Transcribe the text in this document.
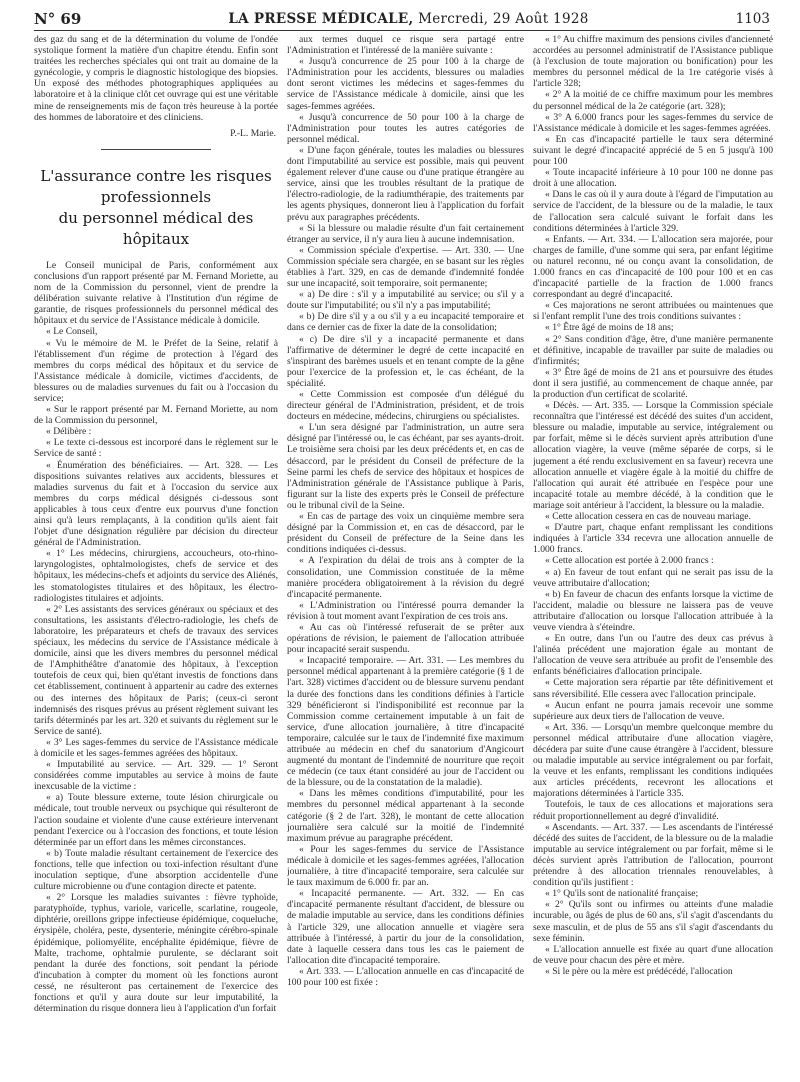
N° 69	LA PRESSE MÉDICALE, Mercredi, 29 Août 1928	1103

des gaz du sang et de la détermination du volume de l'ondée systolique forment la matière d'un chapitre étendu. Enfin sont traitées les recherches spéciales qui ont trait au domaine de la gynécologie, y compris le diagnostic histologique des biopsies. Un exposé des méthodes photographiques appliquées au laboratoire et à la clinique clôt cet ouvrage qui est une véritable mine de renseignements mis de façon très heureuse à la portée des hommes de laboratoire et des cliniciens.

P.-L. Marie.
L'assurance contre les risques
professionnels
du personnel médical des hôpitaux

Le Conseil municipal de Paris, conformément aux conclusions d'un rapport présenté par M. Fernand Moriette, au nom de la Commission du personnel, vient de prendre la délibération suivante relative à l'Institution d'un régime de garantie, de risques professionnels du personnel médical des hôpitaux et du service de l'Assistance médicale à domicile.

« Le Conseil,

« Vu le mémoire de M. le Préfet de la Seine, relatif à l'établissement d'un régime de protection à l'égard des membres du corps médical des hôpitaux et du service de l'Assistance médicale à domicile, victimes d'accidents, de blessures ou de maladies survenues du fait ou à l'occasion du service;

« Sur le rapport présenté par M. Fernand Moriette, au nom de la Commission du personnel,

« Délibère :

« Le texte ci-dessous est incorporé dans le règlement sur le Service de santé :

« Énumération des bénéficiaires. — Art. 328. — Les dispositions suivantes relatives aux accidents, blessures et maladies survenus du fait et à l'occasion du service aux membres du corps médical désignés ci-dessous sont applicables à tous ceux d'entre eux pourvus d'une fonction ainsi qu'à leurs remplaçants, à la condition qu'ils aient fait l'objet d'une désignation régulière par décision du directeur général de l'Administration.

« 1° Les médecins, chirurgiens, accoucheurs, oto-rhino-laryngologistes, ophtalmologistes, chefs de service et des hôpitaux, les médecins-chefs et adjoints du service des Aliénés, les stomatologistes titulaires et des hôpitaux, les électro-radiologistes titulaires et adjoints.

« 2° Les assistants des services généraux ou spéciaux et des consultations, les assistants d'électro-radiologie, les chefs de laboratoire, les préparateurs et chefs de travaux des services spéciaux, les médecins du service de l'Assistance médicale à domicile, ainsi que les divers membres du personnel médical de l'Amphithéâtre d'anatomie des hôpitaux, à l'exception toutefois de ceux qui, bien qu'étant investis de fonctions dans cet établissement, continuent à appartenir au cadre des externes ou des internes des hôpitaux de Paris; (ceux-ci seront indemnisés des risques prévus au présent règlement suivant les tarifs déterminés par les art. 320 et suivants du règlement sur le Service de santé).

« 3° Les sages-femmes du service de l'Assistance médicale à domicile et les sages-femmes agréées des hôpitaux.

« Imputabilité au service. — Art. 329. — 1° Seront considérées comme imputables au service à moins de faute inexcusable de la victime :

« a) Toute blessure externe, toute lésion chirurgicale ou médicale, tout trouble nerveux ou psychique qui résulteront de l'action soudaine et violente d'une cause extérieure intervenant pendant l'exercice ou à l'occasion des fonctions, et toute lésion déterminée par un effort dans les mêmes circonstances.

« b) Toute maladie résultant certainement de l'exercice des fonctions, telle que infection ou toxi-infection résultant d'une inoculation septique, d'une absorption accidentelle d'une culture microbienne ou d'une contagion directe et patente.

« 2° Lorsque les maladies suivantes : fièvre typhoïde, paratyphoïde, typhus, variole, varicelle, scarlatine, rougeole, diphtérie, oreillons grippe infectieuse épidémique, coqueluche, érysipèle, choléra, peste, dysenterie, méningite cérébro-spinale épidémique, poliomyélite, encéphalite épidémique, fièvre de Malte, trachome, ophtalmie purulente, se déclarant soit pendant la durée des fonctions, soit pendant la période d'incubation à compter du moment où les fonctions auront cessé, ne résulteront pas certainement de l'exercice des fonctions et qu'il y aura doute sur leur imputabilité, la détermination du risque donnera lieu à l'application d'un forfait

aux termes duquel ce risque sera partagé entre l'Administration et l'intéressé de la manière suivante :

« Jusqu'à concurrence de 25 pour 100 à la charge de l'Administration pour les accidents, blessures ou maladies dont seront victimes les médecins et sages-femmes du service de l'Assistance médicale à domicile, ainsi que les sages-femmes agréées.

« Jusqu'à concurrence de 50 pour 100 à la charge de l'Administration pour toutes les autres catégories de personnel médical.

« D'une façon générale, toutes les maladies ou blessures dont l'imputabilité au service est possible, mais qui peuvent également relever d'une cause ou d'une pratique étrangère au service, ainsi que les troubles résultant de la pratique de l'électro-radiologie, de la radiumthérapie, des traitements par les agents physiques, donneront lieu à l'application du forfait prévu aux paragraphes précédents.

« Si la blessure ou maladie résulte d'un fait certainement étranger au service, il n'y aura lieu à aucune indemnisation.

« Commission spéciale d'expertise. — Art. 330. — Une Commission spéciale sera chargée, en se basant sur les règles établies à l'art. 329, en cas de demande d'indemnité fondée sur une incapacité, soit temporaire, soit permanente;

« a) De dire : s'il y a imputabilité au service; ou s'il y a doute sur l'imputabilité; ou s'il n'y a pas imputabilité;

« b) De dire s'il y a ou s'il y a eu incapacité temporaire et dans ce dernier cas de fixer la date de la consolidation;

« c) De dire s'il y a incapacité permanente et dans l'affirmative de déterminer le degré de cette incapacité en s'inspirant des barèmes usuels et en tenant compte de la gêne pour l'exercice de la profession et, le cas échéant, de la spécialité.

« Cette Commission est composée d'un délégué du directeur général de l'Administration, président, et de trois docteurs en médecine, médecins, chirurgiens ou spécialistes.

« L'un sera désigné par l'administration, un autre sera désigné par l'intéressé ou, le cas échéant, par ses ayants-droit. Le troisième sera choisi par les deux précédents et, en cas de désaccord, par le président du Conseil de préfecture de la Seine parmi les chefs de service des hôpitaux et hospices de l'Administration générale de l'Assistance publique à Paris, figurant sur la liste des experts près le Conseil de préfecture ou le tribunal civil de la Seine.

« En cas de partage des voix un cinquième membre sera désigné par la Commission et, en cas de désaccord, par le président du Conseil de préfecture de la Seine dans les conditions indiquées ci-dessus.

« A l'expiration du délai de trois ans à compter de la consolidation, une Commission constituée de la même manière procédera obligatoirement à la révision du degré d'incapacité permanente.

« L'Administration ou l'intéressé pourra demander la révision à tout moment avant l'expiration de ces trois ans.

« Au cas où l'intéressé refuserait de se prêter aux opérations de révision, le paiement de l'allocation attribuée pour incapacité serait suspendu.

« Incapacité temporaire. — Art. 331. — Les membres du personnel médical appartenant à la première catégorie (§ 1 de l'art. 328) victimes d'accident ou de blessure survenu pendant la durée des fonctions dans les conditions définies à l'article 329 bénéficieront si l'indisponibilité est reconnue par la Commission comme certainement imputable à un fait de service, d'une allocation journalière, à titre d'incapacité temporaire, calculée sur le taux de l'indemnité fixe maximum attribuée au médecin en chef du sanatorium d'Angicourt augmenté du montant de l'indemnité de nourriture que reçoit ce médecin (ce taux étant considéré au jour de l'accident ou de la blessure, ou de la constatation de la maladie).

« Dans les mêmes conditions d'imputabilité, pour les membres du personnel médical appartenant à la seconde catégorie (§ 2 de l'art. 328), le montant de cette allocation journalière sera calculé sur la moitié de l'indemnité maximum prévue au paragraphe précédent.

« Pour les sages-femmes du service de l'Assistance médicale à domicile et les sages-femmes agréées, l'allocation journalière, à titre d'incapacité temporaire, sera calculée sur le taux maximum de 6.000 fr. par an.

« Incapacité permanente. — Art. 332. — En cas d'incapacité permanente résultant d'accident, de blessure ou de maladie imputable au service, dans les conditions définies à l'article 329, une allocation annuelle et viagère sera attribuée à l'intéressé, à partir du jour de la consolidation, date à laquelle cessera dans tous les cas le paiement de l'allocation dite d'incapacité temporaire.

« Art. 333. — L'allocation annuelle en cas d'incapacité de 100 pour 100 est fixée :

« 1° Au chiffre maximum des pensions civiles d'ancienneté accordées au personnel administratif de l'Assistance publique (à l'exclusion de toute majoration ou bonification) pour les membres du personnel médical de la 1re catégorie visés à l'article 328;

« 2° A la moitié de ce chiffre maximum pour les membres du personnel médical de la 2e catégorie (art. 328);

« 3° A 6.000 francs pour les sages-femmes du service de l'Assistance médicale à domicile et les sages-femmes agréées.

« En cas d'incapacité partielle le taux sera déterminé suivant le degré d'incapacité apprécié de 5 en 5 jusqu'à 100 pour 100

« Toute incapacité inférieure à 10 pour 100 ne donne pas droit à une allocation.

« Dans le cas où il y aura doute à l'égard de l'imputation au service de l'accident, de la blessure ou de la maladie, le taux de l'allocation sera calculé suivant le forfait dans les conditions déterminées à l'article 329.

« Enfants. — Art. 334. — L'allocation sera majorée, pour charges de famille, d'une somme qui sera, par enfant légitime ou naturel reconnu, né ou conçu avant la consolidation, de 1.000 francs en cas d'incapacité de 100 pour 100 et en cas d'incapacité partielle de la fraction de 1.000 francs correspondant au degré d'incapacité.

« Ces majorations ne seront attribuées ou maintenues que si l'enfant remplit l'une des trois conditions suivantes :

« 1° Être âgé de moins de 18 ans;

« 2° Sans condition d'âge, être, d'une manière permanente et définitive, incapable de travailler par suite de maladies ou d'infirmités;

« 3° Être âgé de moins de 21 ans et poursuivre des études dont il sera justifié, au commencement de chaque année, par la production d'un certificat de scolarité.

« Décès. — Art. 335. — Lorsque la Commission spéciale reconnaîtra que l'intéressé est décédé des suites d'un accident, blessure ou maladie, imputable au service, intégralement ou par forfait, même si le décès survient après attribution d'une allocation viagère, la veuve (même séparée de corps, si le jugement a été rendu exclusivement en sa faveur) recevra une allocation annuelle et viagère égale à la moitié du chiffre de l'allocation qui aurait été attribuée en l'espèce pour une incapacité totale au membre décédé, à la condition que le mariage soit antérieur à l'accident, la blessure ou la maladie.

« Cette allocation cessera en cas de nouveau mariage.

« D'autre part, chaque enfant remplissant les conditions indiquées à l'article 334 recevra une allocation annuelle de 1.000 francs.

« Cette allocation est portée à 2.000 francs :

« a) En faveur de tout enfant qui ne serait pas issu de la veuve attributaire d'allocation;

« b) En faveur de chacun des enfants lorsque la victime de l'accident, maladie ou blessure ne laissera pas de veuve attributaire d'allocation ou lorsque l'allocation attribuée à la veuve viendra à s'éteindre.

« En outre, dans l'un ou l'autre des deux cas prévus à l'alinéa précédent une majoration égale au montant de l'allocation de veuve sera attribuée au profit de l'ensemble des enfants bénéficiaires d'allocation principale.

« Cette majoration sera répartie par tête définitivement et sans réversibilité. Elle cessera avec l'allocation principale.

« Aucun enfant ne pourra jamais recevoir une somme supérieure aux deux tiers de l'allocation de veuve.

« Art. 336. — Lorsqu'un membre quelconque membre du personnel médical attributaire d'une allocation viagère, décédera par suite d'une cause étrangère à l'accident, blessure ou maladie imputable au service intégralement ou par forfait, la veuve et les enfants, remplissant les conditions indiquées aux articles précédents, recevront les allocations et majorations déterminées à l'article 335.

Toutefois, le taux de ces allocations et majorations sera réduit proportionnellement au degré d'invalidité.

« Ascendants. — Art. 337. — Les ascendants de l'intéressé décédé des suites de l'accident, de la blessure ou de la maladie imputable au service intégralement ou par forfait, même si le décès survient après l'attribution de l'allocation, pourront prétendre à des allocation triennales renouvelables, à condition qu'ils justifient :

« 1° Qu'ils sont de nationalité française;

« 2° Qu'ils sont ou infirmes ou atteints d'une maladie incurable, ou âgés de plus de 60 ans, s'il s'agit d'ascendants du sexe masculin, et de plus de 55 ans s'il s'agit d'ascendants du sexe féminin.

« L'allocation annuelle est fixée au quart d'une allocation de veuve pour chacun des père et mère.

« Si le père ou la mère est prédécédé, l'allocation
